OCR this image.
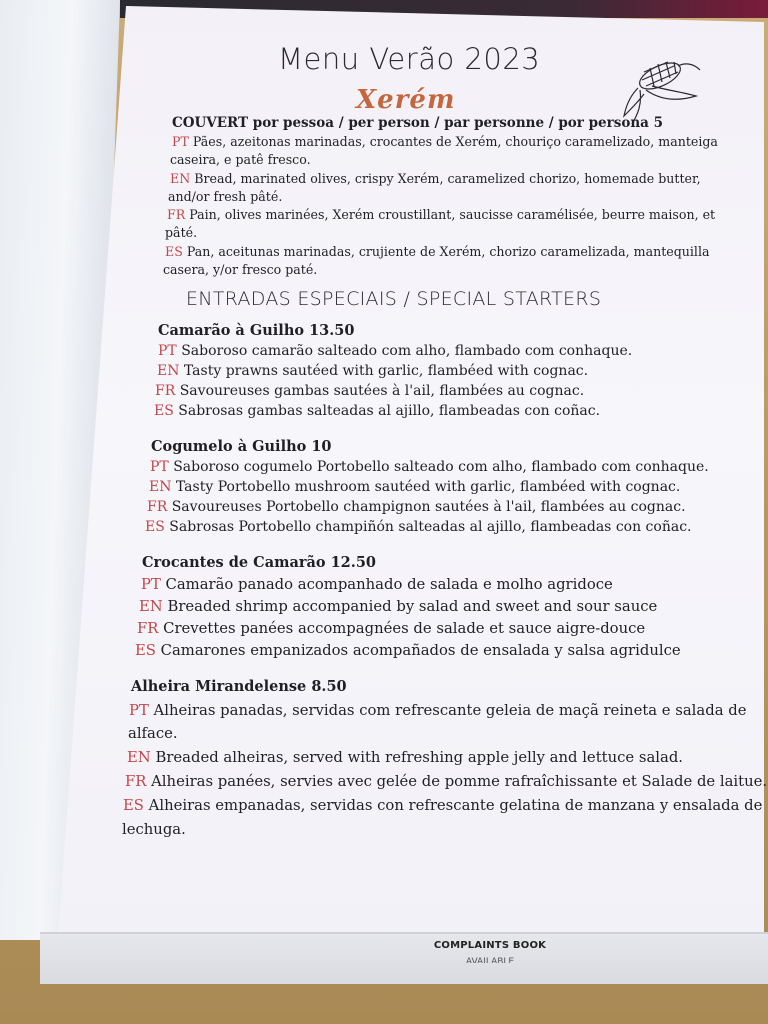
COMPLAINTS BOOK
AVAILABLE
Menu Verão 2023
Xerém
COUVERT por pessoa / per person / par personne / por persona 5
PT Pães, azeitonas marinadas, crocantes de Xerém, chouriço caramelizado, manteiga
caseira, e patê fresco.
EN Bread, marinated olives, crispy Xerém, caramelized chorizo, homemade butter,
and/or fresh pâté.
FR Pain, olives marinées, Xerém croustillant, saucisse caramélisée, beurre maison, et
pâté.
ES Pan, aceitunas marinadas, crujiente de Xerém, chorizo caramelizada, mantequilla
casera, y/or fresco paté.
ENTRADAS ESPECIAIS / SPECIAL STARTERS
Camarão à Guilho 13.50
PT Saboroso camarão salteado com alho, flambado com conhaque.
EN Tasty prawns sautéed with garlic, flambéed with cognac.
FR Savoureuses gambas sautées à l'ail, flambées au cognac.
ES Sabrosas gambas salteadas al ajillo, flambeadas con coñac.
Cogumelo à Guilho 10
PT Saboroso cogumelo Portobello salteado com alho, flambado com conhaque.
EN Tasty Portobello mushroom sautéed with garlic, flambéed with cognac.
FR Savoureuses Portobello champignon sautées à l'ail, flambées au cognac.
ES Sabrosas Portobello champiñón salteadas al ajillo, flambeadas con coñac.
Crocantes de Camarão 12.50
PT Camarão panado acompanhado de salada e molho agridoce
EN Breaded shrimp accompanied by salad and sweet and sour sauce
FR Crevettes panées accompagnées de salade et sauce aigre-douce
ES Camarones empanizados acompañados de ensalada y salsa agridulce
Alheira Mirandelense 8.50
PT Alheiras panadas, servidas com refrescante geleia de maçã reineta e salada de
alface.
EN Breaded alheiras, served with refreshing apple jelly and lettuce salad.
FR Alheiras panées, servies avec gelée de pomme rafraîchissante et Salade de laitue.
ES Alheiras empanadas, servidas con refrescante gelatina de manzana y ensalada de
lechuga.
